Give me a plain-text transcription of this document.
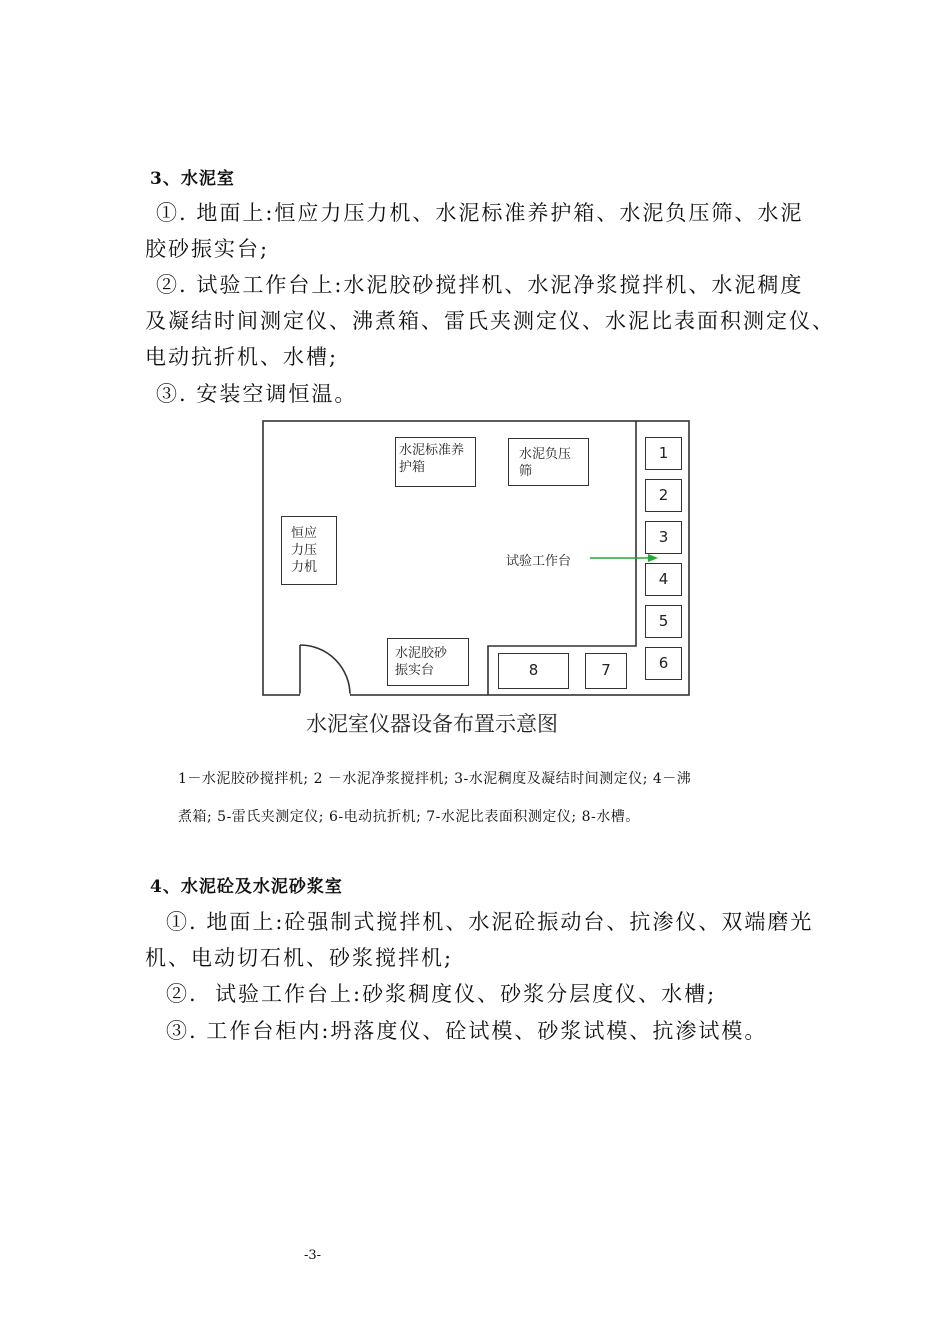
3、水泥室
①. 地面上:恒应力压力机、水泥标准养护箱、水泥负压筛、水泥
胶砂振实台;
②. 试验工作台上:水泥胶砂搅拌机、水泥净浆搅拌机、水泥稠度
及凝结时间测定仪、沸煮箱、雷氏夹测定仪、水泥比表面积测定仪、
电动抗折机、水槽;
③. 安装空调恒温。
水泥标准养
护箱
水泥负压
筛
恒应
力压
力机
水泥胶砂
振实台
试验工作台
1
2
3
4
5
6
8	7
水泥室仪器设备布置示意图
1－水泥胶砂搅拌机; 2 －水泥净浆搅拌机; 3-水泥稠度及凝结时间测定仪; 4－沸
煮箱; 5-雷氏夹测定仪; 6-电动抗折机; 7-水泥比表面积测定仪; 8-水槽。
4、水泥砼及水泥砂浆室
①. 地面上:砼强制式搅拌机、水泥砼振动台、抗渗仪、双端磨光
机、电动切石机、砂浆搅拌机;
②.  试验工作台上:砂浆稠度仪、砂浆分层度仪、水槽;
③. 工作台柜内:坍落度仪、砼试模、砂浆试模、抗渗试模。
-3-
